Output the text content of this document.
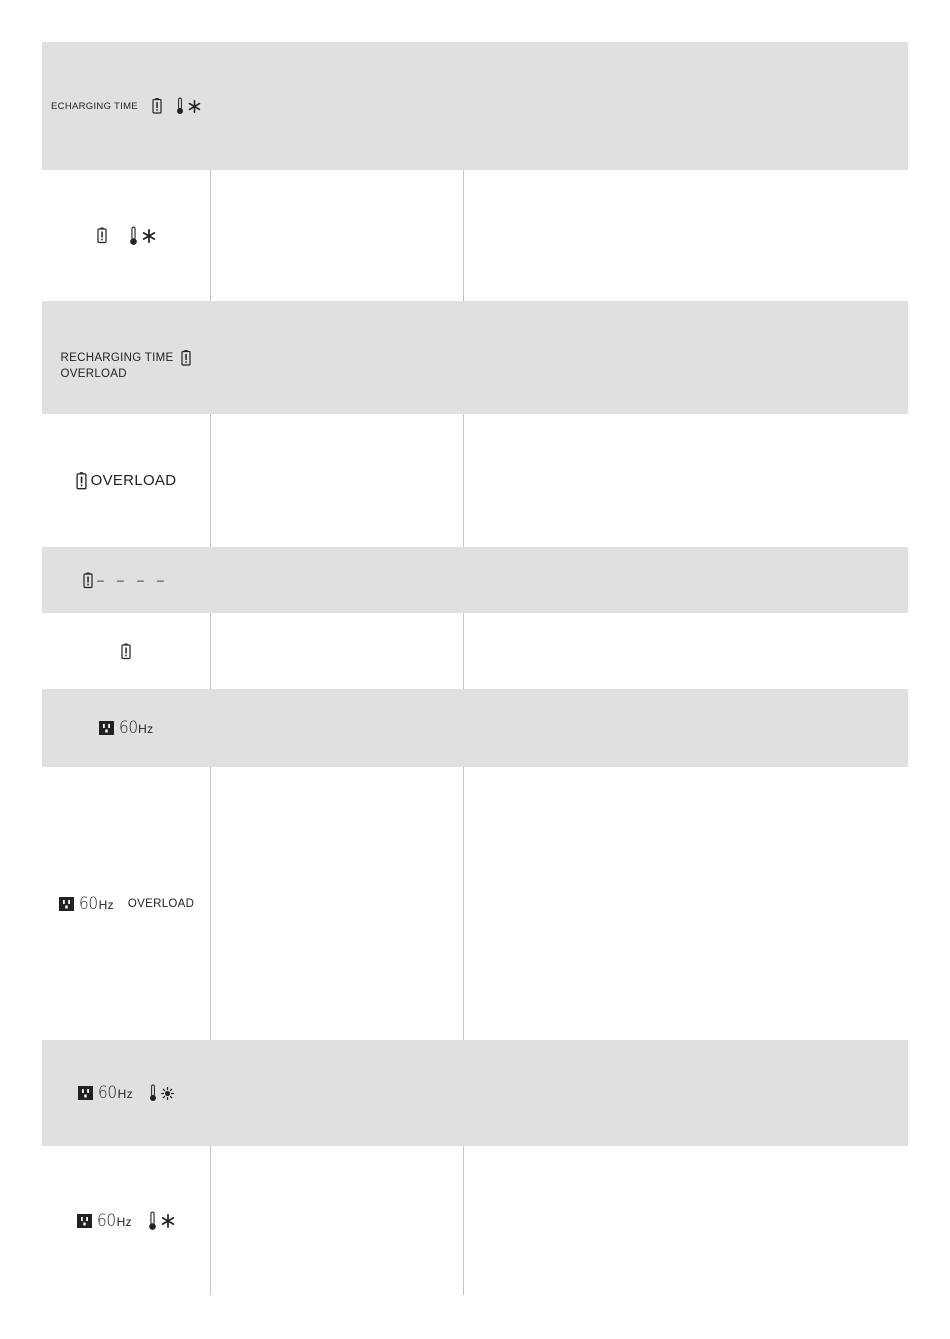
ECHARGING TIME
RECHARGING TIME
OVERLOAD
OVERLOAD
– – – –
60 Hz
60 Hz OVERLOAD
60 Hz
60 Hz
